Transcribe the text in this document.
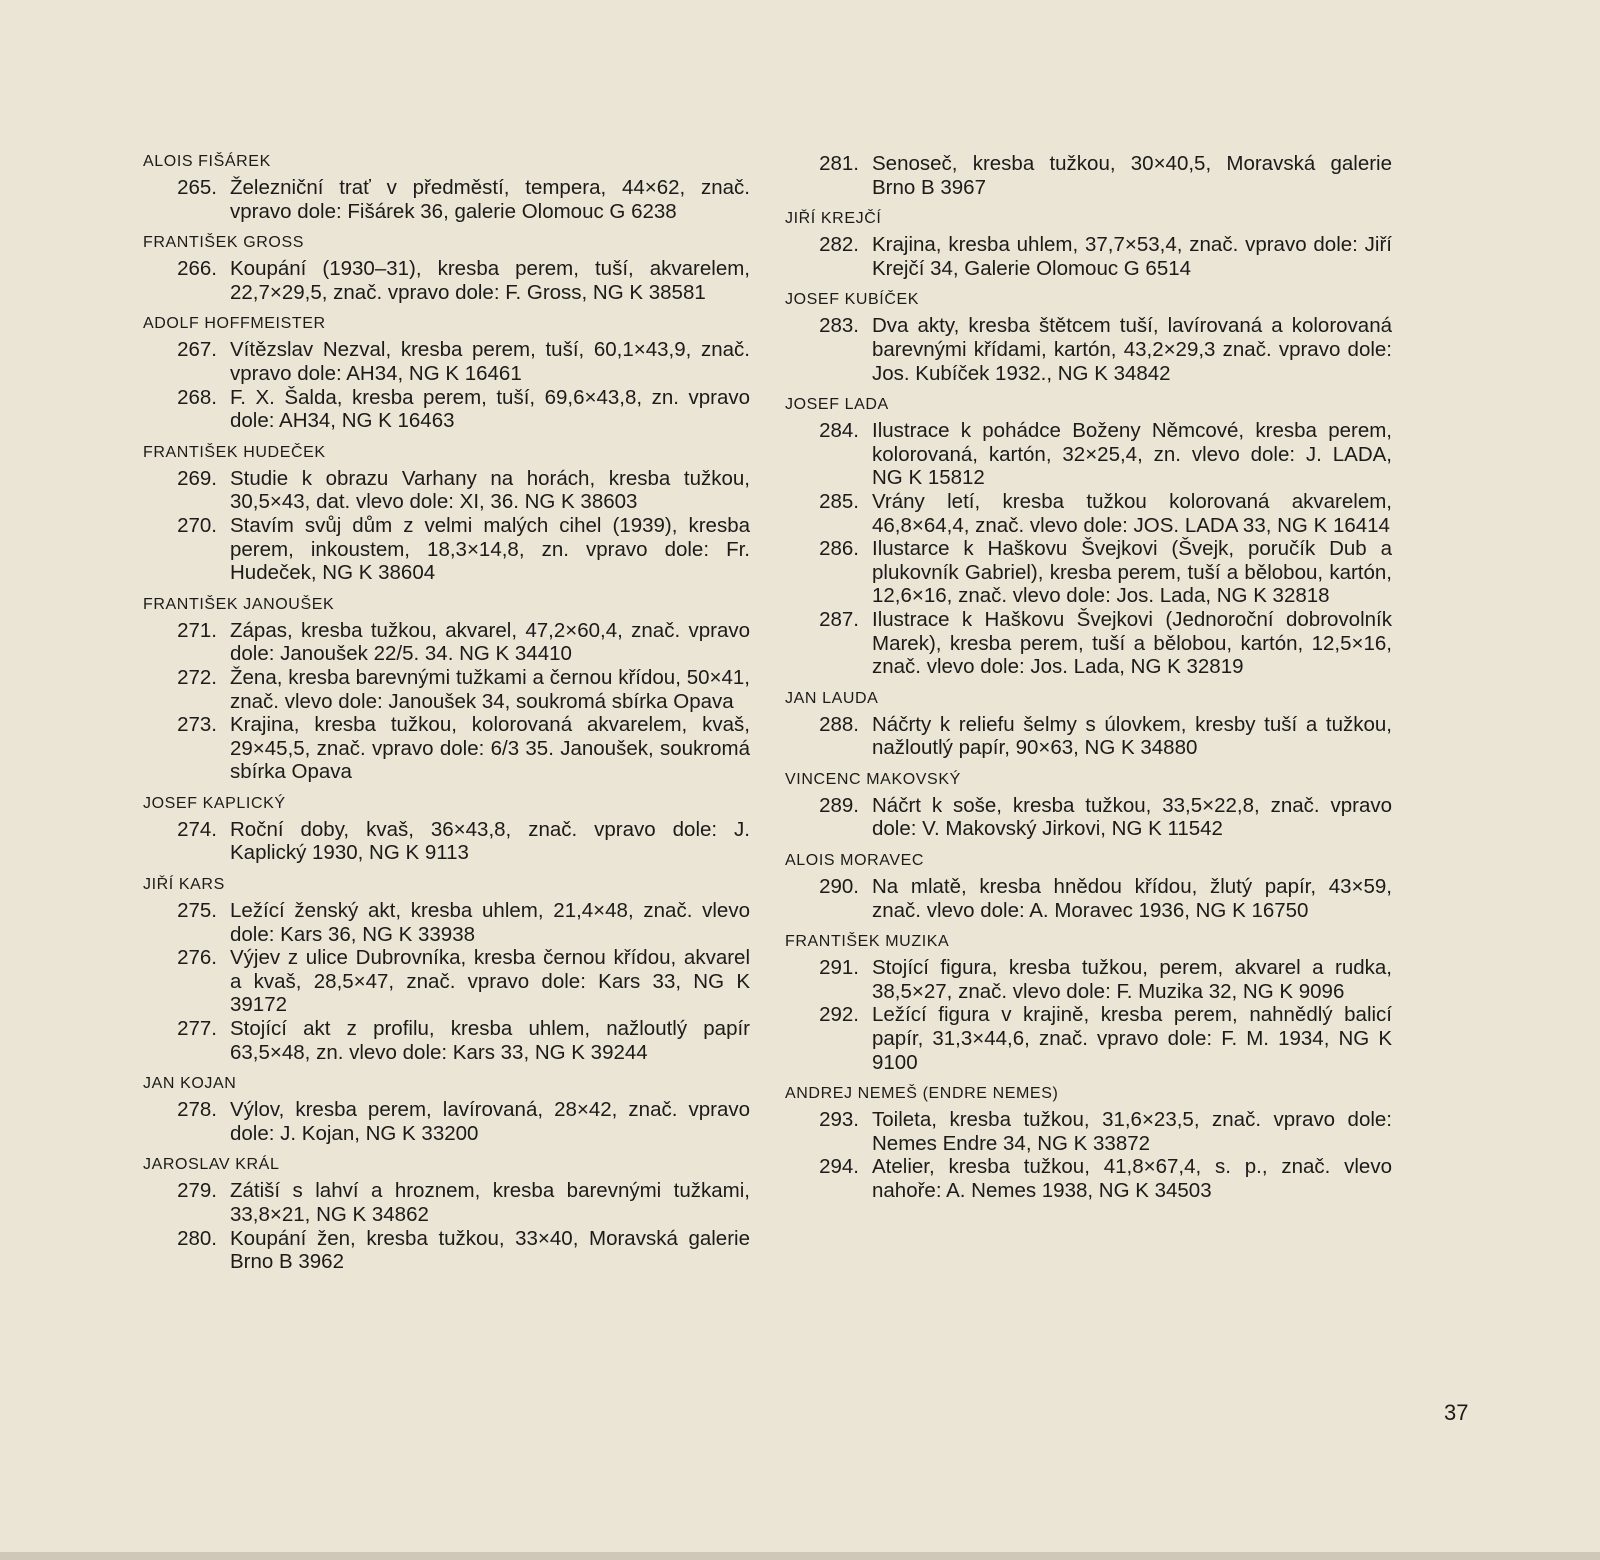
ALOIS FIŠÁREK
265. Železniční trať v předměstí, tempera, 44×62, znač. vpravo dole: Fišárek 36, galerie Olomouc G 6238
FRANTIŠEK GROSS
266. Koupání (1930–31), kresba perem, tuší, akvarelem, 22,7×29,5, znač. vpravo dole: F. Gross, NG K 38581
ADOLF HOFFMEISTER
267. Vítězslav Nezval, kresba perem, tuší, 60,1×43,9, znač. vpravo dole: AH34, NG K 16461
268. F. X. Šalda, kresba perem, tuší, 69,6×43,8, zn. vpravo dole: AH34, NG K 16463
FRANTIŠEK HUDEČEK
269. Studie k obrazu Varhany na horách, kresba tužkou, 30,5×43, dat. vlevo dole: XI, 36. NG K 38603
270. Stavím svůj dům z velmi malých cihel (1939), kresba perem, inkoustem, 18,3×14,8, zn. vpravo dole: Fr. Hudeček, NG K 38604
FRANTIŠEK JANOUŠEK
271. Zápas, kresba tužkou, akvarel, 47,2×60,4, znač. vpravo dole: Janoušek 22/5. 34. NG K 34410
272. Žena, kresba barevnými tužkami a černou křídou, 50×41, znač. vlevo dole: Janoušek 34, soukromá sbírka Opava
273. Krajina, kresba tužkou, kolorovaná akvarelem, kvaš, 29×45,5, znač. vpravo dole: 6/3 35. Janoušek, soukromá sbírka Opava
JOSEF KAPLICKÝ
274. Roční doby, kvaš, 36×43,8, znač. vpravo dole: J. Kaplický 1930, NG K 9113
JIŘÍ KARS
275. Ležící ženský akt, kresba uhlem, 21,4×48, znač. vlevo dole: Kars 36, NG K 33938
276. Výjev z ulice Dubrovníka, kresba černou křídou, akvarel a kvaš, 28,5×47, znač. vpravo dole: Kars 33, NG K 39172
277. Stojící akt z profilu, kresba uhlem, nažloutlý papír 63,5×48, zn. vlevo dole: Kars 33, NG K 39244
JAN KOJAN
278. Výlov, kresba perem, lavírovaná, 28×42, znač. vpravo dole: J. Kojan, NG K 33200
JAROSLAV KRÁL
279. Zátiší s lahví a hroznem, kresba barevnými tužkami, 33,8×21, NG K 34862
280. Koupání žen, kresba tužkou, 33×40, Moravská galerie Brno B 3962
281. Senoseč, kresba tužkou, 30×40,5, Moravská galerie Brno B 3967
JIŘÍ KREJČÍ
282. Krajina, kresba uhlem, 37,7×53,4, znač. vpravo dole: Jiří Krejčí 34, Galerie Olomouc G 6514
JOSEF KUBÍČEK
283. Dva akty, kresba štětcem tuší, lavírovaná a kolorovaná barevnými křídami, kartón, 43,2×29,3 znač. vpravo dole: Jos. Kubíček 1932., NG K 34842
JOSEF LADA
284. Ilustrace k pohádce Boženy Němcové, kresba perem, kolorovaná, kartón, 32×25,4, zn. vlevo dole: J. LADA, NG K 15812
285. Vrány letí, kresba tužkou kolorovaná akvarelem, 46,8×64,4, znač. vlevo dole: JOS. LADA 33, NG K 16414
286. Ilustarce k Haškovu Švejkovi (Švejk, poručík Dub a plukovník Gabriel), kresba perem, tuší a bělobou, kartón, 12,6×16, znač. vlevo dole: Jos. Lada, NG K 32818
287. Ilustrace k Haškovu Švejkovi (Jednoroční dobrovolník Marek), kresba perem, tuší a bělobou, kartón, 12,5×16, znač. vlevo dole: Jos. Lada, NG K 32819
JAN LAUDA
288. Náčrty k reliefu šelmy s úlovkem, kresby tuší a tužkou, nažloutlý papír, 90×63, NG K 34880
VINCENC MAKOVSKÝ
289. Náčrt k soše, kresba tužkou, 33,5×22,8, znač. vpravo dole: V. Makovský Jirkovi, NG K 11542
ALOIS MORAVEC
290. Na mlatě, kresba hnědou křídou, žlutý papír, 43×59, znač. vlevo dole: A. Moravec 1936, NG K 16750
FRANTIŠEK MUZIKA
291. Stojící figura, kresba tužkou, perem, akvarel a rudka, 38,5×27, znač. vlevo dole: F. Muzika 32, NG K 9096
292. Ležící figura v krajině, kresba perem, nahnědlý balicí papír, 31,3×44,6, znač. vpravo dole: F. M. 1934, NG K 9100
ANDREJ NEMEŠ (ENDRE NEMES)
293. Toileta, kresba tužkou, 31,6×23,5, znač. vpravo dole: Nemes Endre 34, NG K 33872
294. Atelier, kresba tužkou, 41,8×67,4, s. p., znač. vlevo nahoře: A. Nemes 1938, NG K 34503
37
